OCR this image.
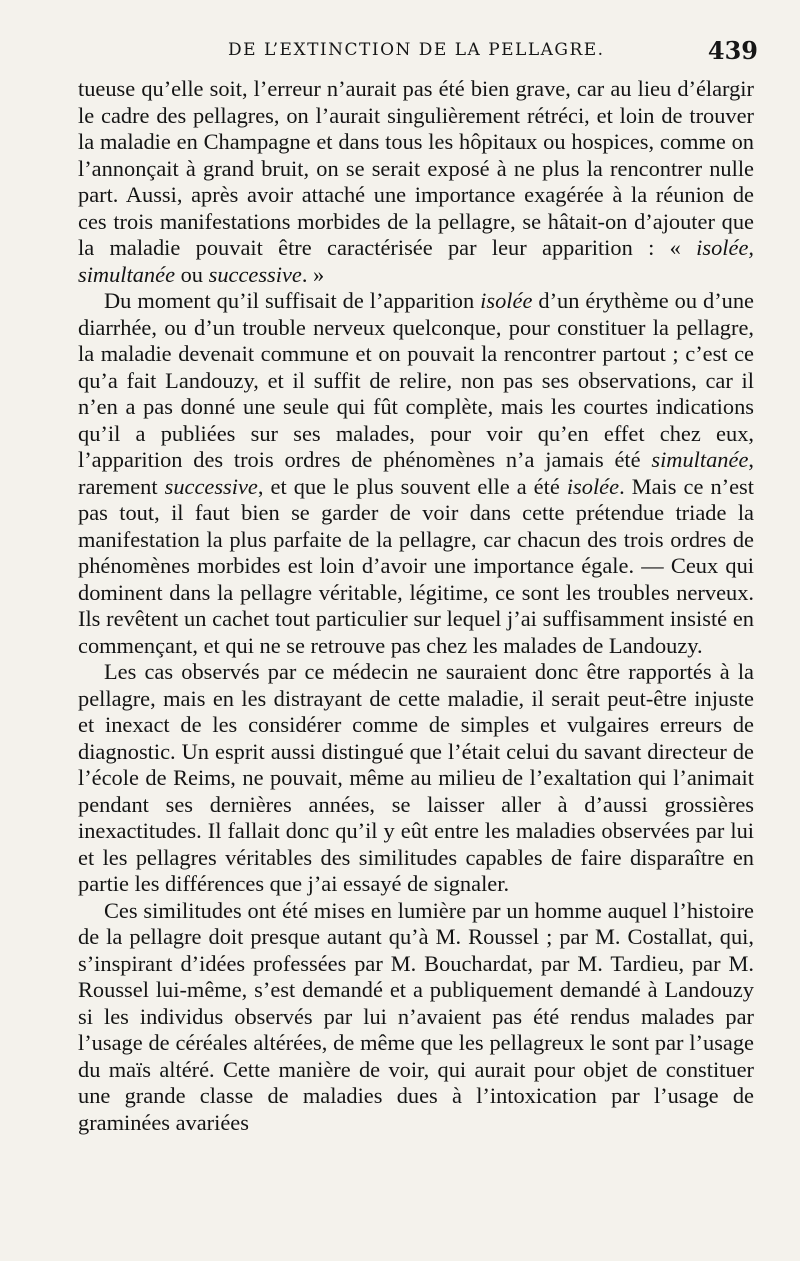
DE L’EXTINCTION DE LA PELLAGRE.	439

tueuse qu’elle soit, l’erreur n’aurait pas été bien grave, car au lieu d’élargir le cadre des pellagres, on l’aurait singulièrement rétréci, et loin de trouver la maladie en Champagne et dans tous les hôpitaux ou hospices, comme on l’annonçait à grand bruit, on se serait exposé à ne plus la rencontrer nulle part. Aussi, après avoir attaché une importance exagérée à la réunion de ces trois manifestations morbides de la pellagre, se hâtait-on d’ajouter que la maladie pouvait être caractérisée par leur apparition : « isolée, simultanée ou successive. »

Du moment qu’il suffisait de l’apparition isolée d’un érythème ou d’une diarrhée, ou d’un trouble nerveux quelconque, pour constituer la pellagre, la maladie devenait commune et on pouvait la rencontrer partout ; c’est ce qu’a fait Landouzy, et il suffit de relire, non pas ses observations, car il n’en a pas donné une seule qui fût complète, mais les courtes indications qu’il a publiées sur ses malades, pour voir qu’en effet chez eux, l’apparition des trois ordres de phénomènes n’a jamais été simultanée, rarement successive, et que le plus souvent elle a été isolée. Mais ce n’est pas tout, il faut bien se garder de voir dans cette prétendue triade la manifestation la plus parfaite de la pellagre, car chacun des trois ordres de phénomènes morbides est loin d’avoir une importance égale. — Ceux qui dominent dans la pellagre véritable, légitime, ce sont les troubles nerveux. Ils revêtent un cachet tout particulier sur lequel j’ai suffisamment insisté en commençant, et qui ne se retrouve pas chez les malades de Landouzy.

Les cas observés par ce médecin ne sauraient donc être rapportés à la pellagre, mais en les distrayant de cette maladie, il serait peut-être injuste et inexact de les considérer comme de simples et vulgaires erreurs de diagnostic. Un esprit aussi distingué que l’était celui du savant directeur de l’école de Reims, ne pouvait, même au milieu de l’exaltation qui l’animait pendant ses dernières années, se laisser aller à d’aussi grossières inexactitudes. Il fallait donc qu’il y eût entre les maladies observées par lui et les pellagres véritables des similitudes capables de faire disparaître en partie les différences que j’ai essayé de signaler.

Ces similitudes ont été mises en lumière par un homme auquel l’histoire de la pellagre doit presque autant qu’à M. Roussel ; par M. Costallat, qui, s’inspirant d’idées professées par M. Bouchardat, par M. Tardieu, par M. Roussel lui-même, s’est demandé et a publiquement demandé à Landouzy si les individus observés par lui n’avaient pas été rendus malades par l’usage de céréales altérées, de même que les pellagreux le sont par l’usage du maïs altéré. Cette manière de voir, qui aurait pour objet de constituer une grande classe de maladies dues à l’intoxication par l’usage de graminées avariées
